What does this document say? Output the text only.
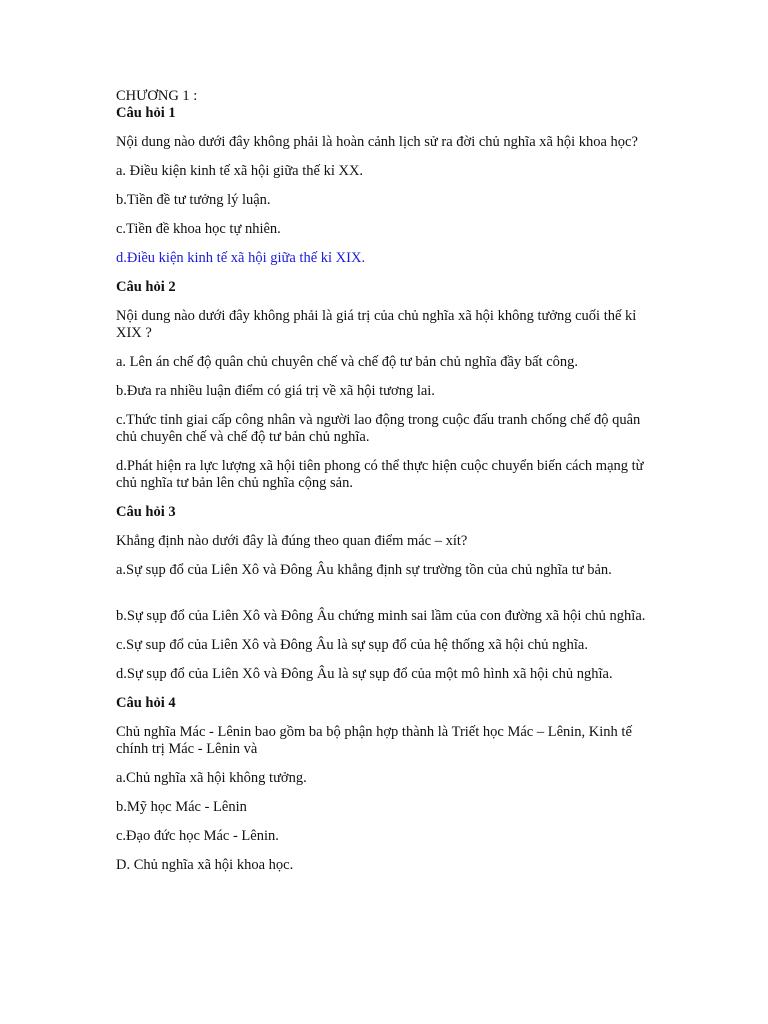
CHƯƠNG 1 :

Câu hỏi 1

Nội dung nào dưới đây không phải là hoàn cảnh lịch sử ra đời chủ nghĩa xã hội khoa học?

a. Điều kiện kinh tế xã hội giữa thế kỉ XX.

b.Tiền đề tư tưởng lý luận.

c.Tiền đề khoa học tự nhiên.

d.Điều kiện kinh tế xã hội giữa thế kỉ XIX.

Câu hỏi 2

Nội dung nào dưới đây không phải là giá trị của chủ nghĩa xã hội không tưởng cuối thế kỉ XIX ?

a. Lên án chế độ quân chủ chuyên chế và chế độ tư bản chủ nghĩa đầy bất công.

b.Đưa ra nhiều luận điểm có giá trị về xã hội tương lai.

c.Thức tỉnh giai cấp công nhân và người lao động trong cuộc đấu tranh chống chế độ quân chủ chuyên chế và chế độ tư bản chủ nghĩa.

d.Phát hiện ra lực lượng xã hội tiên phong có thể thực hiện cuộc chuyển biến cách mạng từ chủ nghĩa tư bản lên chủ nghĩa cộng sản.

Câu hỏi 3

Khẳng định nào dưới đây là đúng theo quan điểm mác – xít?

a.Sự sụp đổ của Liên Xô và Đông Âu khẳng định sự trường tồn của chủ nghĩa tư bản.

b.Sự sụp đổ của Liên Xô và Đông Âu chứng minh sai lầm của con đường xã hội chủ nghĩa.

c.Sự sup đổ của Liên Xô và Đông Âu là sự sụp đổ của hệ thống xã hội chủ nghĩa.

d.Sự sụp đổ của Liên Xô và Đông Âu là sự sụp đổ của một mô hình xã hội chủ nghĩa.

Câu hỏi 4

Chủ nghĩa Mác - Lênin bao gồm ba bộ phận hợp thành là Triết học Mác – Lênin, Kinh tế chính trị Mác - Lênin và

a.Chủ nghĩa xã hội không tưởng.

b.Mỹ học Mác - Lênin

c.Đạo đức học Mác - Lênin.

D. Chủ nghĩa xã hội khoa học.
